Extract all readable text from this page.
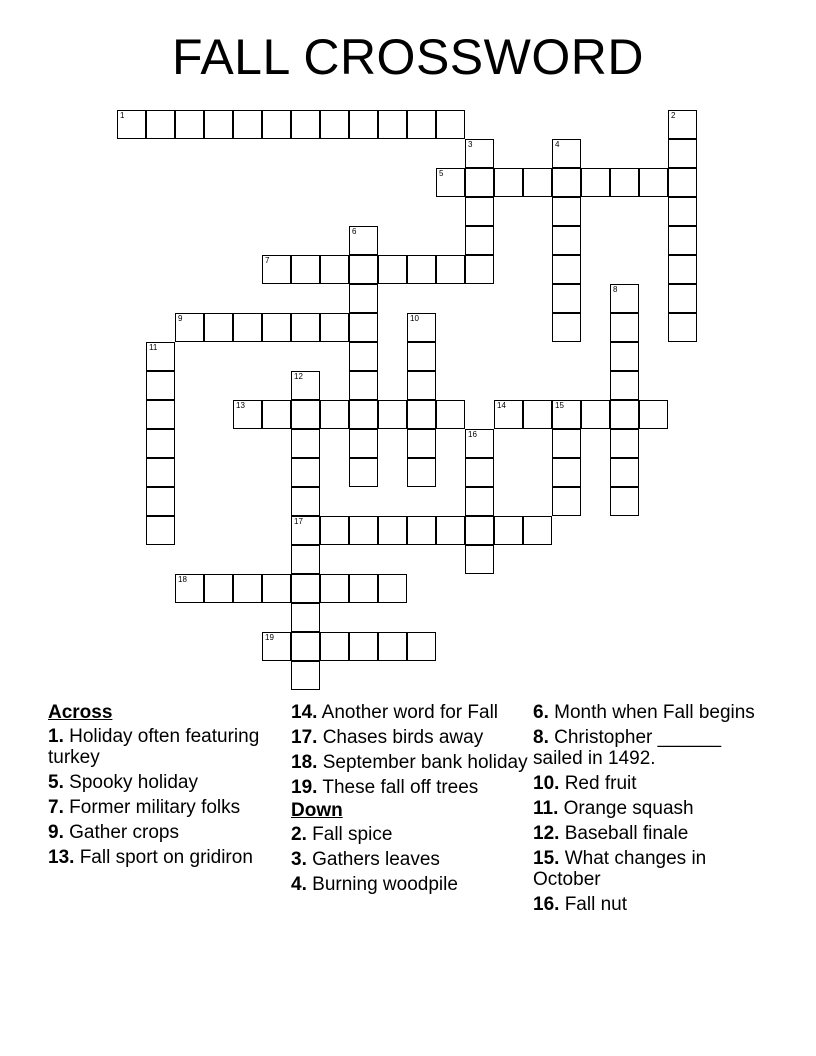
FALL CROSSWORD
1	2
3	4
5
6
7
8
9	10
11
12
17
13	14	15
16
18
19
Across
1. Holiday often featuring turkey
5. Spooky holiday
7. Former military folks
9. Gather crops
13. Fall sport on gridiron
14. Another word for Fall
17. Chases birds away
18. September bank holiday
19. These fall off trees
Down
2. Fall spice
3. Gathers leaves
4. Burning woodpile
6. Month when Fall begins
8. Christopher ______ sailed in 1492.
10. Red fruit
11. Orange squash
12. Baseball finale
15. What changes in October
16. Fall nut
